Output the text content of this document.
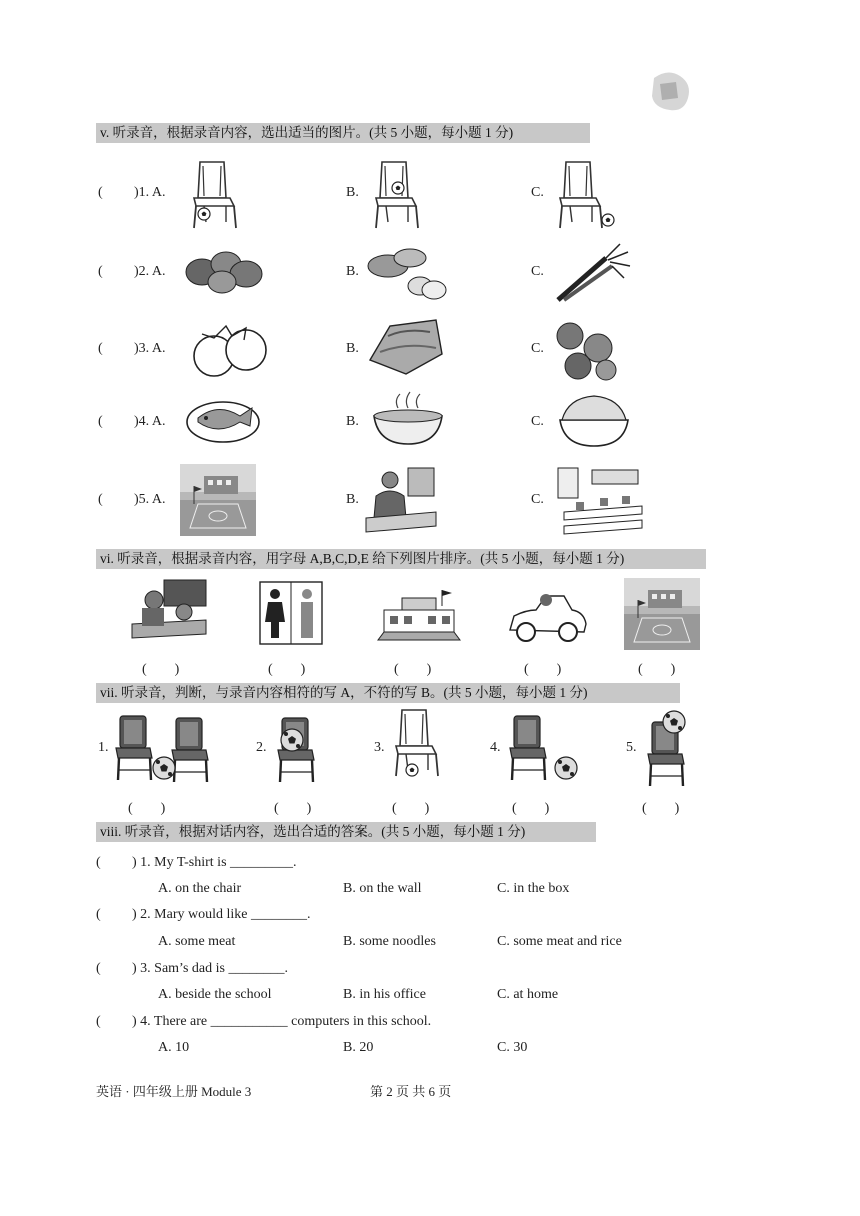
v. 听录音，根据录音内容，选出适当的图片。(共 5 小题，每小题 1 分)
( )1. A.	B.	C.
( )2. A.	B.	C.
( )3. A.	B.	C.
( )4. A.	B.	C.
( )5. A.	B.	C.
vi. 听录音，根据录音内容，用字母 A,B,C,D,E 给下列图片排序。(共 5 小题，每小题 1 分)
(　　)	(　　)	(　　)	(　　)	(　　)
vii. 听录音，判断，与录音内容相符的写 A，不符的写 B。(共 5 小题，每小题 1 分)
1.	2.	3.	4.	5.
(　　)	(　　)	(　　)	(　　)	(　　)
viii. 听录音，根据对话内容，选出合适的答案。(共 5 小题，每小题 1 分)
( ) 1. My T-shirt is _________.
A. on the chair	B. on the wall	C. in the box
( ) 2. Mary would like ________.
A. some meat	B. some noodles	C. some meat and rice
( ) 3. Sam’s dad is ________.
A. beside the school	B. in his office	C. at home
( ) 4. There are ___________ computers in this school.
A. 10	B. 20	C. 30
英语 · 四年级上册 Module 3	第 2 页 共 6 页
